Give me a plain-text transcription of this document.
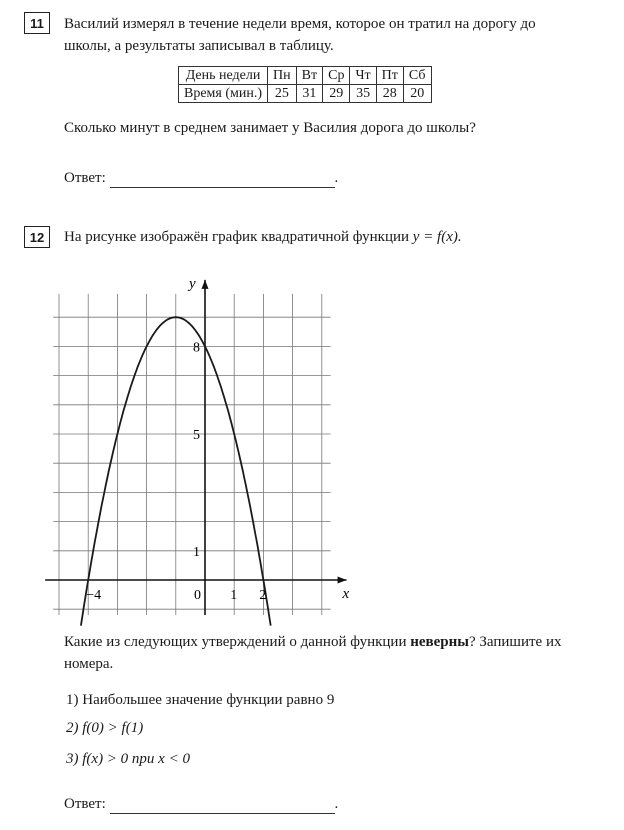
11	Василий измерял в течение недели время, которое он тратил на дорогу до
школы, а результаты записывал в таблицу.
День недели	Пн	Вт	Ср	Чт	Пт	Сб
Время (мин.)	25	31	29	35	28	20
Сколько минут в среднем занимает у Василия дорога до школы?
Ответ:	.
12	На рисунке изображён график квадратичной функции y = f(x).
x
y
−4	0 1 2
1
5
8
Какие из следующих утверждений о данной функции неверны? Запишите их
номера.
1) Наибольшее значение функции равно 9
2) f(0) > f(1)
3) f(x) > 0 при x < 0
Ответ:	.
